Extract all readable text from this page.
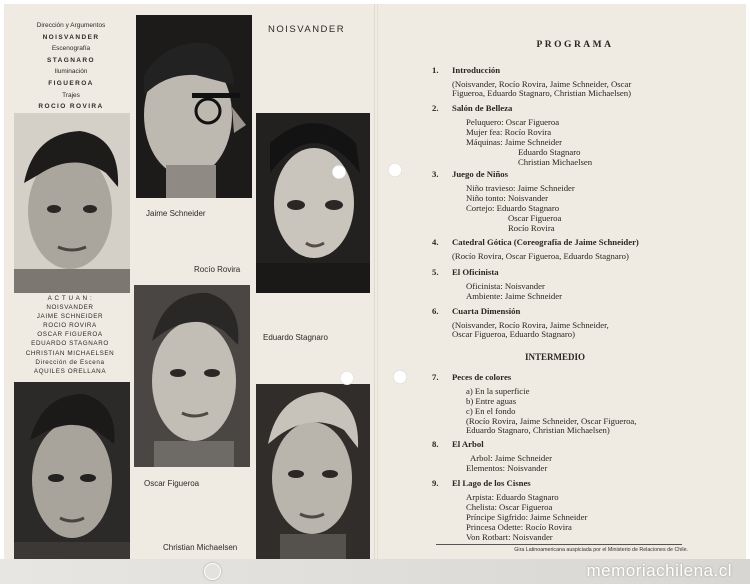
Dirección y Argumentos
NOISVANDER
Escenografía
STAGNARO
Iluminación
FIGUEROA
Trajes
ROCIO ROVIRA
NOISVANDER
Jaime Schneider
Rocío Rovira
Eduardo Stagnaro
Oscar Figueroa
Christian Michaelsen
A C T U A N :
NOISVANDER
JAIME SCHNEIDER
ROCIO ROVIRA
OSCAR FIGUEROA
EDUARDO STAGNARO
CHRISTIAN MICHAELSEN
Dirección de Escena
AQUILES ORELLANA
PROGRAMA
1. Introducción
(Noisvander, Rocío Rovira, Jaime Schneider, Oscar
Figueroa, Eduardo Stagnaro, Christian Michaelsen)
2. Salón de Belleza
Peluquero: Oscar Figueroa
Mujer fea: Rocío Rovira
Máquinas: Jaime Schneider
Eduardo Stagnaro
Christian Michaelsen
3. Juego de Niños
Niño travieso: Jaime Schneider
Niño tonto: Noisvander
Cortejo: Eduardo Stagnaro
Oscar Figueroa
Rocío Rovira
4. Catedral Gótica (Coreografía de Jaime Schneider)
(Rocío Rovira, Oscar Figueroa, Eduardo Stagnaro)
5. El Oficinista
Oficinista: Noisvander
Ambiente: Jaime Schneider
6. Cuarta Dimensión
(Noisvander, Rocío Rovira, Jaime Schneider,
Oscar Figueroa, Eduardo Stagnaro)
INTERMEDIO
7. Peces de colores
a) En la superficie
b) Entre aguas
c) En el fondo
(Rocío Rovira, Jaime Schneider, Oscar Figueroa,
Eduardo Stagnaro, Christian Michaelsen)
8. El Arbol
Arbol: Jaime Schneider
Elementos: Noisvander
9. El Lago de los Cisnes
Arpista: Eduardo Stagnaro
Chelista: Oscar Figueroa
Príncipe Sigfrido: Jaime Schneider
Princesa Odette: Rocío Rovira
Von Rotbart: Noisvander
Gira Latinoamericana auspiciada por el Ministerio de Relaciones de Chile.
memoriachilena.cl
